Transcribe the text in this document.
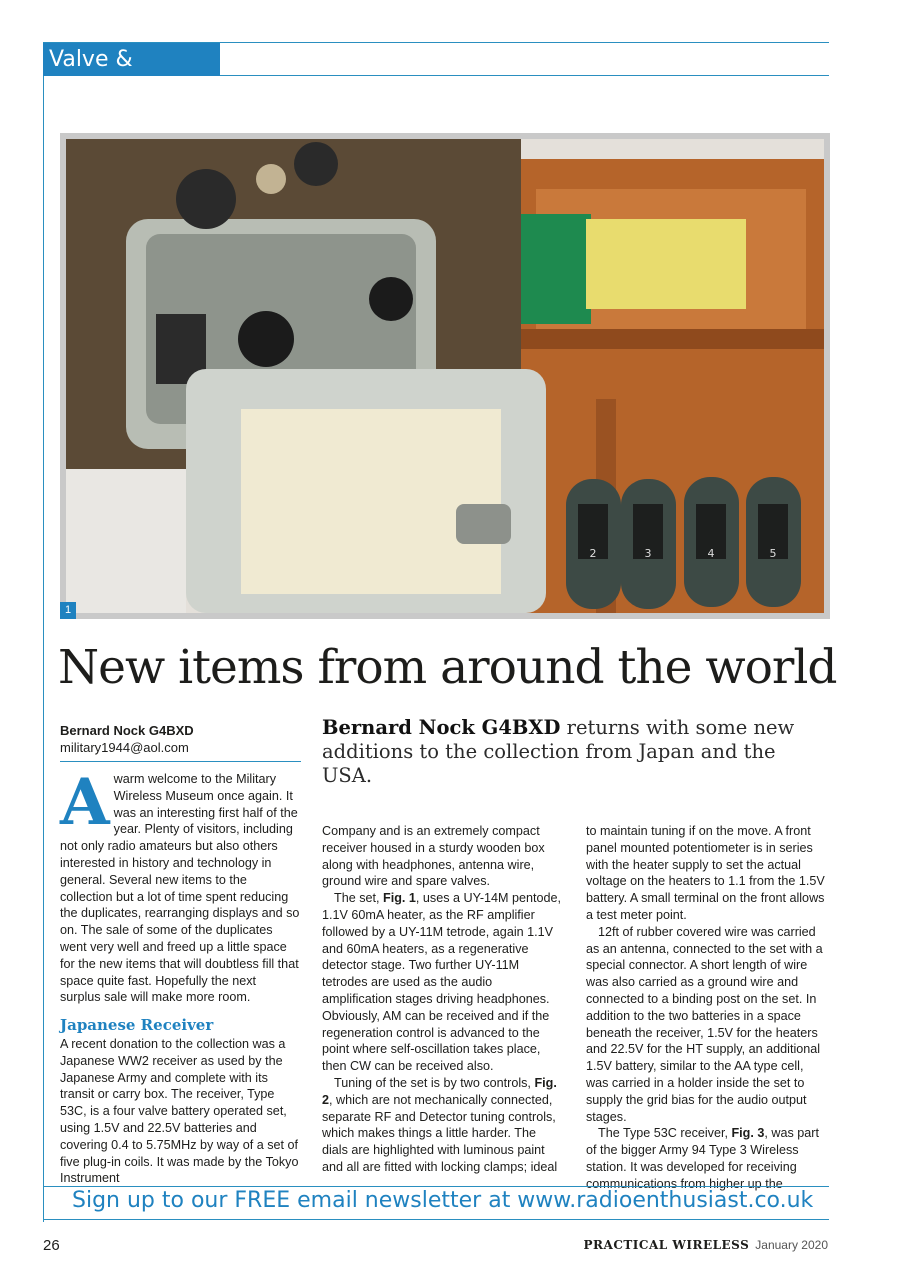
Valve & Vintage
2	3	4	5
1
New items from around the world
Bernard Nock G4BXD
military1944@aol.com
Bernard Nock G4BXD returns with some new additions to the collection from Japan and the USA.

Awarm welcome to the Military Wireless Museum once again. It was an interesting first half of the year. Plenty of visitors, including not only radio amateurs but also others interested in history and technology in general. Several new items to the collection but a lot of time spent reducing the duplicates, rearranging displays and so on. The sale of some of the duplicates went very well and freed up a little space for the new items that will doubtless fill that space quite fast. Hopefully the next surplus sale will make more room.

Japanese Receiver

A recent donation to the collection was a Japanese WW2 receiver as used by the Japanese Army and complete with its transit or carry box. The receiver, Type 53C, is a four valve battery operated set, using 1.5V and 22.5V batteries and covering 0.4 to 5.75MHz by way of a set of five plug-in coils. It was made by the Tokyo Instrument

Company and is an extremely compact receiver housed in a sturdy wooden box along with headphones, antenna wire, ground wire and spare valves.

The set, Fig. 1, uses a UY-14M pentode, 1.1V 60mA heater, as the RF amplifier followed by a UY-11M tetrode, again 1.1V and 60mA heaters, as a regenerative detector stage. Two further UY-11M tetrodes are used as the audio amplification stages driving headphones. Obviously, AM can be received and if the regeneration control is advanced to the point where self-oscillation takes place, then CW can be received also.

Tuning of the set is by two controls, Fig. 2, which are not mechanically connected, separate RF and Detector tuning controls, which makes things a little harder. The dials are highlighted with luminous paint and all are fitted with locking clamps; ideal

to maintain tuning if on the move. A front panel mounted potentiometer is in series with the heater supply to set the actual voltage on the heaters to 1.1 from the 1.5V battery. A small terminal on the front allows a test meter point.

12ft of rubber covered wire was carried as an antenna, connected to the set with a special connector. A short length of wire was also carried as a ground wire and connected to a binding post on the set. In addition to the two batteries in a space beneath the receiver, 1.5V for the heaters and 22.5V for the HT supply, an additional 1.5V battery, similar to the AA type cell, was carried in a holder inside the set to supply the grid bias for the audio output stages.

The Type 53C receiver, Fig. 3, was part of the bigger Army 94 Type 3 Wireless station. It was developed for receiving communications from higher up the

Sign up to our FREE email newsletter at www.radioenthusiast.co.uk
26	PRACTICAL WIRELESS January 2020
